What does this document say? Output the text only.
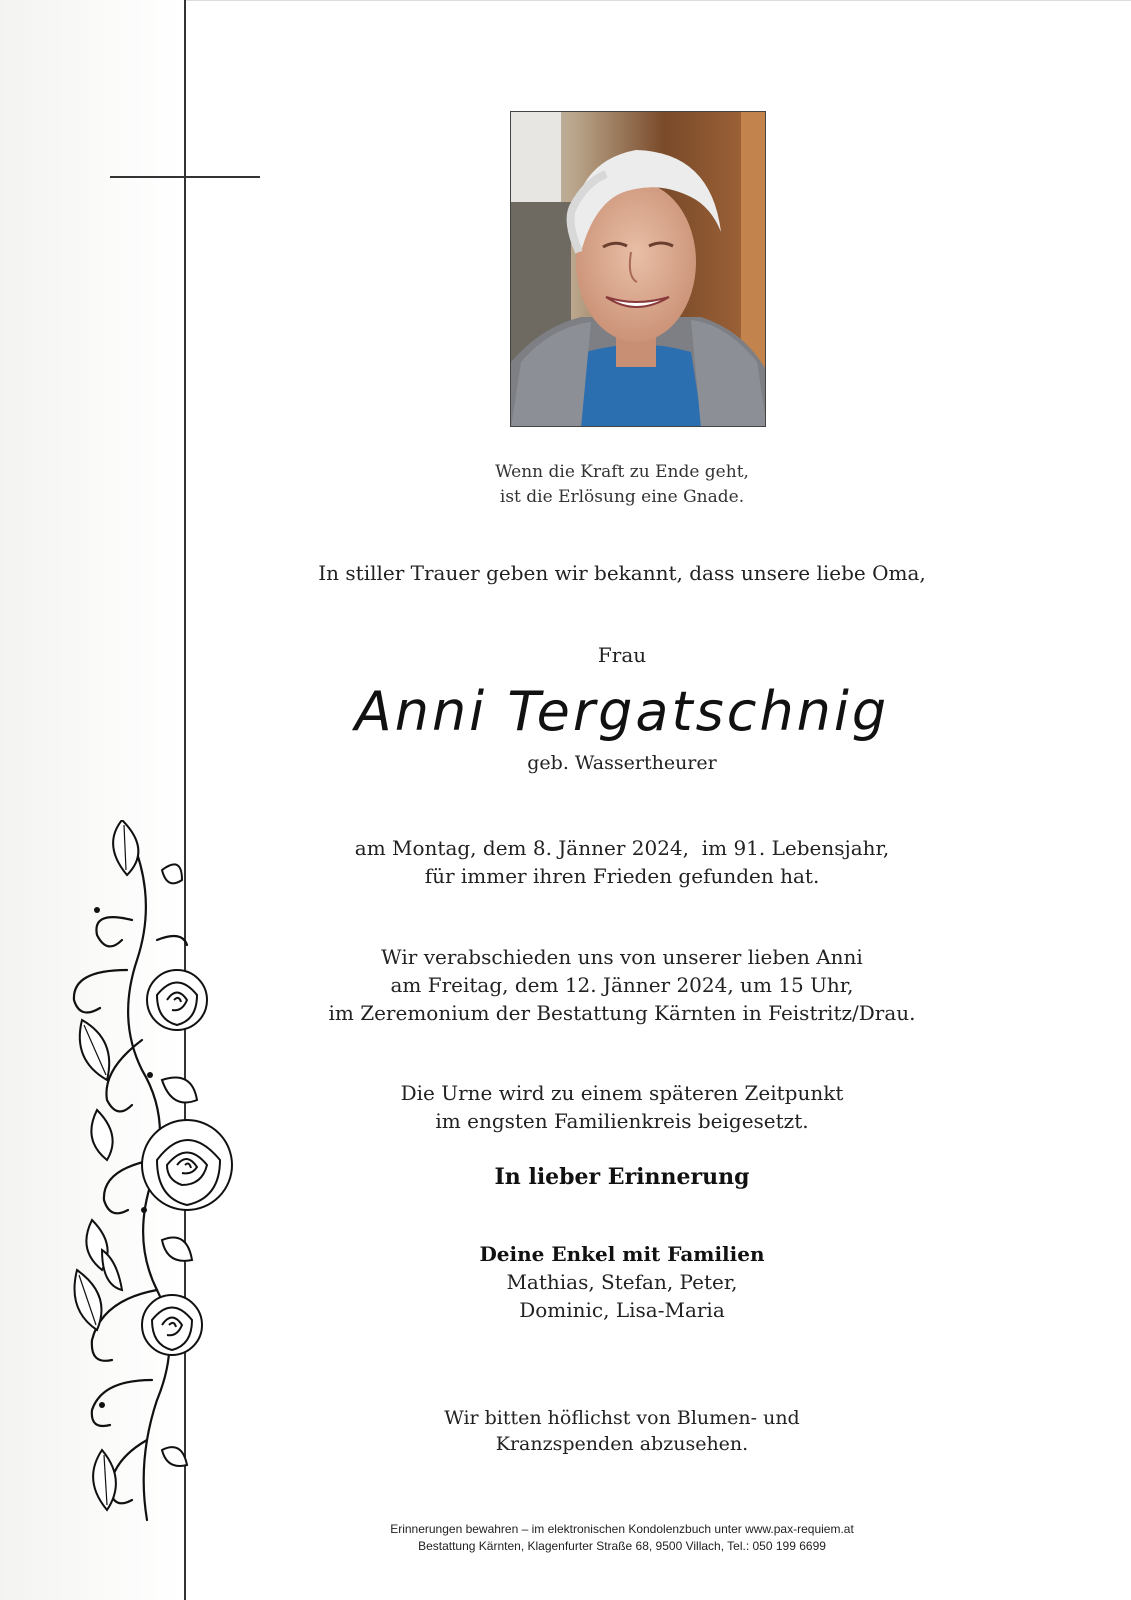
Wenn die Kraft zu Ende geht,
ist die Erlösung eine Gnade.
In stiller Trauer geben wir bekannt, dass unsere liebe Oma,
Frau
Anni Tergatschnig
geb. Wassertheurer
am Montag, dem 8. Jänner 2024,  im 91. Lebensjahr,
für immer ihren Frieden gefunden hat.
Wir verabschieden uns von unserer lieben Anni
am Freitag, dem 12. Jänner 2024, um 15 Uhr,
im Zeremonium der Bestattung Kärnten in Feistritz/Drau.
Die Urne wird zu einem späteren Zeitpunkt
im engsten Familienkreis beigesetzt.
In lieber Erinnerung
Deine Enkel mit Familien
Mathias, Stefan, Peter,
Dominic, Lisa-Maria
Wir bitten höflichst von Blumen- und
Kranzspenden abzusehen.
Erinnerungen bewahren – im elektronischen Kondolenzbuch unter www.pax-requiem.at
Bestattung Kärnten, Klagenfurter Straße 68, 9500 Villach, Tel.: 050 199 6699
